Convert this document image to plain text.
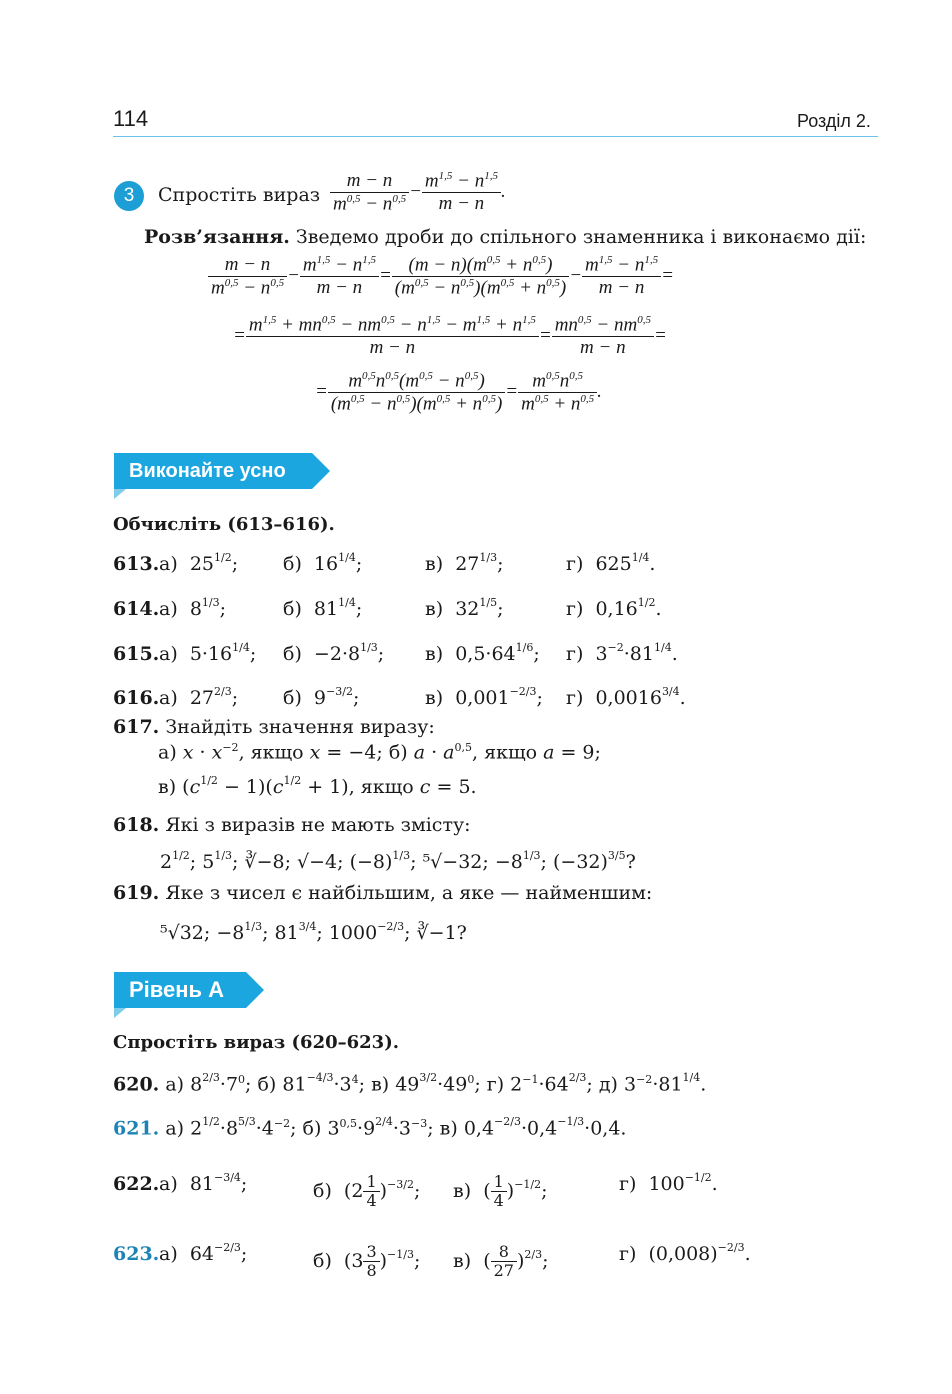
114	Розділ 2.
3	Спростіть вираз $\frac{m - n}{m^{0,5} - n^{0,5}} - \frac{m^{1,5} - n^{1,5}}{m - n}$ .
Розв’язання. Зведемо дроби до спільного знаменника і виконаємо дії:
$\frac{m - n}{m^{0,5} - n^{0,5}} - \frac{m^{1,5} - n^{1,5}}{m - n} = \frac{(m - n)(m^{0,5} + n^{0,5})}{(m^{0,5} - n^{0,5})(m^{0,5} + n^{0,5})} - \frac{m^{1,5} - n^{1,5}}{m - n}$ =
= $\frac{m^{1,5} + mn^{0,5} - nm^{0,5} - n^{1,5} - m^{1,5} + n^{1,5}}{m - n} = \frac{mn^{0,5} - nm^{0,5}}{m - n}$ =
= $\frac{m^{0,5}n^{0,5}(m^{0,5} - n^{0,5})}{(m^{0,5} - n^{0,5})(m^{0,5} + n^{0,5})} = \frac{m^{0,5}n^{0,5}}{m^{0,5} + n^{0,5}}$ .
Виконайте усно
Обчисліть (613–616).
613. а)  $25^{1/2}$; б)  $16^{1/4}$;	в)  $27^{1/3}$;	г)  $625^{1/4}$.
614. а)  $8^{1/3}$;	б)  $81^{1/4}$;	в)  $32^{1/5}$;	г)  $0,16^{1/2}$.
615. а)  $5\cdot 16^{1/4}$; $б) -2\cdot 8^{1/3}$; в)  $0,5\cdot 64^{1/6}$; г)  $3^{-2}\cdot 81^{1/4}$.
616. а)  $27^{2/3}$; б)  $9^{-3/2}$;	в)  $0,001^{-2/3}$; г)  $0,0016^{3/4}$.
617. Знайдіть значення виразу:
а) $x \cdot x^{-2}$, якщо x = −4; б) $a \cdot a^{0,5}$, якщо a = 9;
в) $(c^{1/2} - 1)(c^{1/2} + 1)$, якщо c = 5.
618. Які з виразів не мають змісту:
$2^{1/2}$; $5^{1/3}$; ∛−8; √−4; $(-8)^{1/3}$; ⁵√−32; $-8^{1/3}$; $(-32)^{3/5}$?
619. Яке з чисел є найбільшим, а яке — найменшим:
⁵√32; $-8^{1/3}$; $81^{3/4}$; $1000^{-2/3}$; ∛−1?
Рівень А
Спростіть вираз (620–623).
620. а) $8^{2/3}\cdot 7^0$; б) $81^{-4/3}\cdot 3^4$; в) $49^{3/2}\cdot 49^0$; г) $2^{-1}\cdot 64^{2/3}$; д) $3^{-2}\cdot 81^{1/4}$.
621. а) $2^{1/2}\cdot 8^{5/3}\cdot 4^{-2}$; б) $3^{0,5}\cdot 9^{2/4}\cdot 3^{-3}$; в) $0,4^{-2/3}\cdot 0,4^{-1/3}\cdot 0,4$.
622. а)  $81^{-3/4}$;	б)  $(2 \frac{1}{4} )^{-3/2}$; в)  ( $\frac{1}{4} )^{-1/2}$;	г)  $100^{-1/2}$.
623. а)  $64^{-2/3}$;	б)  $(3 \frac{3}{8} )^{-1/3}$; в)  ( $\frac{8}{27} )^{2/3}$;	г)  $(0,008)^{-2/3}$.
